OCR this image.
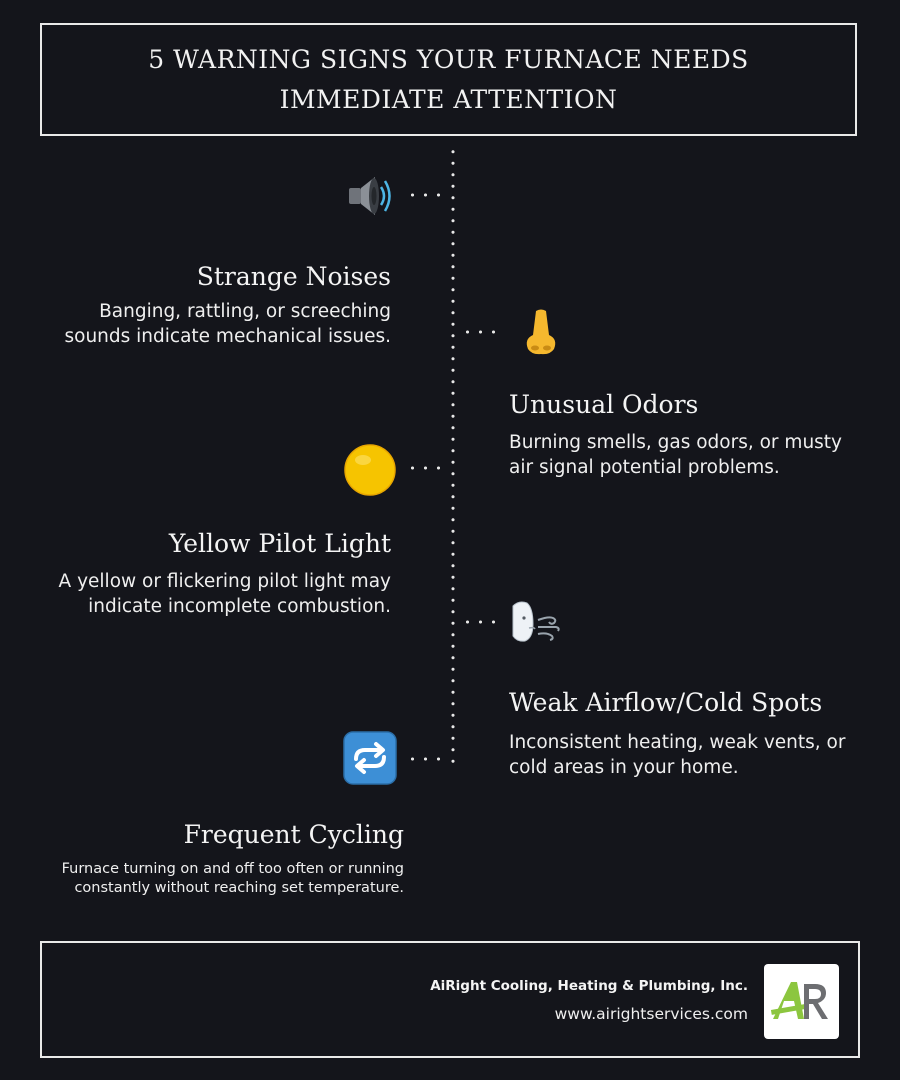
5 WARNING SIGNS YOUR FURNACE NEEDS IMMEDIATE ATTENTION
Strange Noises
Banging, rattling, or screeching sounds indicate mechanical issues.
Unusual Odors
Burning smells, gas odors, or musty air signal potential problems.
Yellow Pilot Light
A yellow or flickering pilot light may indicate incomplete combustion.
Weak Airflow/Cold Spots
Inconsistent heating, weak vents, or cold areas in your home.
Frequent Cycling
Furnace turning on and off too often or running constantly without reaching set temperature.
AiRight Cooling, Heating & Plumbing, Inc.
www.airightservices.com
